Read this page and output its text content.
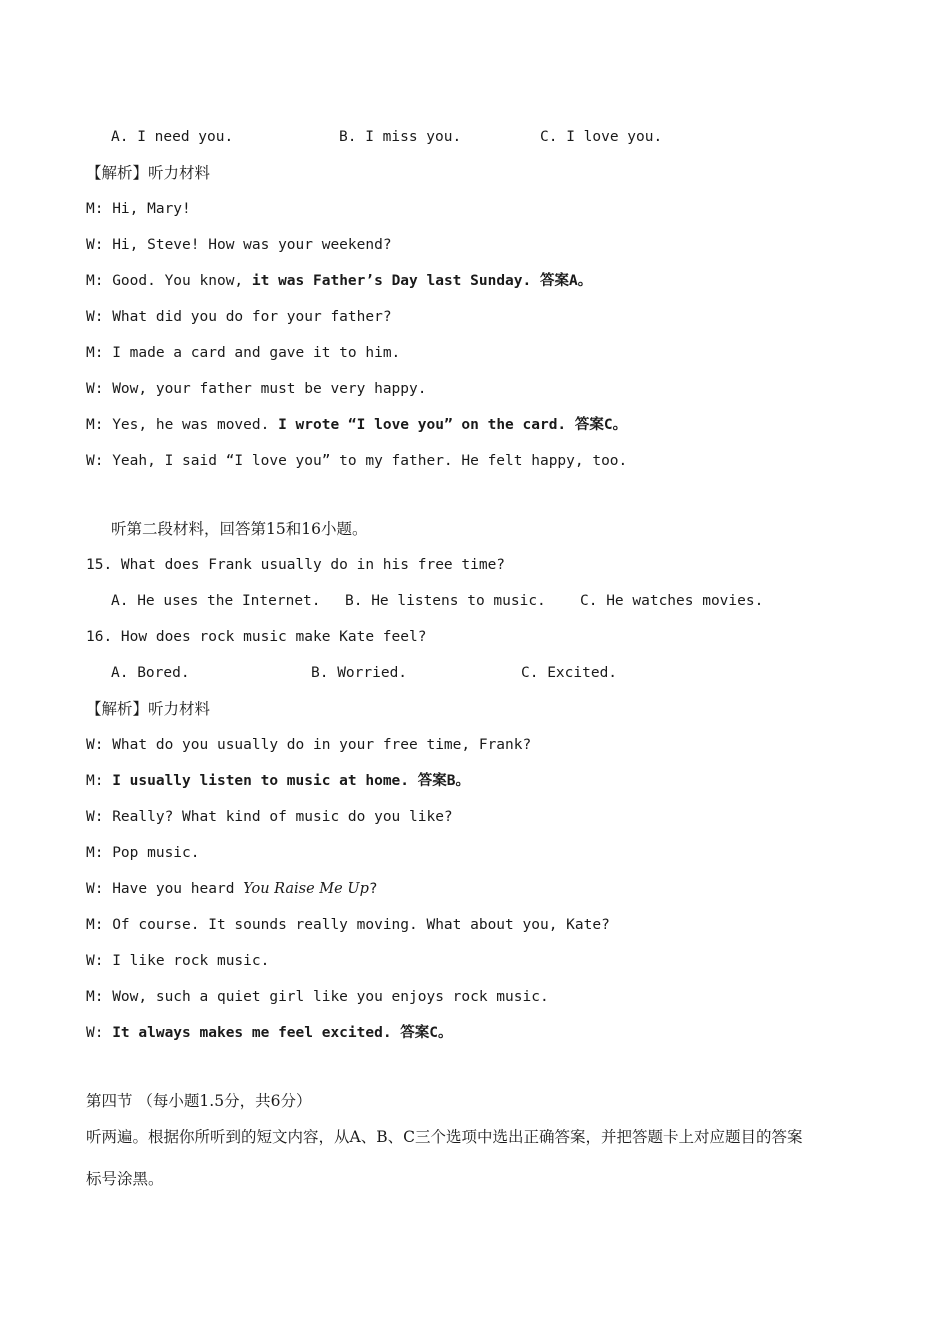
A. I need you.	B. I miss you.	C. I love you.
【解析】听力材料
M: Hi, Mary!
W: Hi, Steve! How was your weekend?
M: Good. You know, it was Father’s Day last Sunday. 答案A。
W: What did you do for your father?
M: I made a card and gave it to him.
W: Wow, your father must be very happy.
M: Yes, he was moved. I wrote “I love you” on the card. 答案C。
W: Yeah, I said “I love you” to my father. He felt happy, too.
听第二段材料，回答第15和16小题。
15. What does Frank usually do in his free time?
A. He uses the Internet. B. He listens to music. C. He watches movies.
16. How does rock music make Kate feel?
A. Bored.	B. Worried.	C. Excited.
【解析】听力材料
W: What do you usually do in your free time, Frank?
M: I usually listen to music at home. 答案B。
W: Really? What kind of music do you like?
M: Pop music.
W: Have you heard You Raise Me Up?
M: Of course. It sounds really moving. What about you, Kate?
W: I like rock music.
M: Wow, such a quiet girl like you enjoys rock music.
W: It always makes me feel excited. 答案C。
第四节 （每小题1.5分，共6分）
听两遍。根据你所听到的短文内容，从A、B、C三个选项中选出正确答案，并把答题卡上对应题目的答案
标号涂黑。
